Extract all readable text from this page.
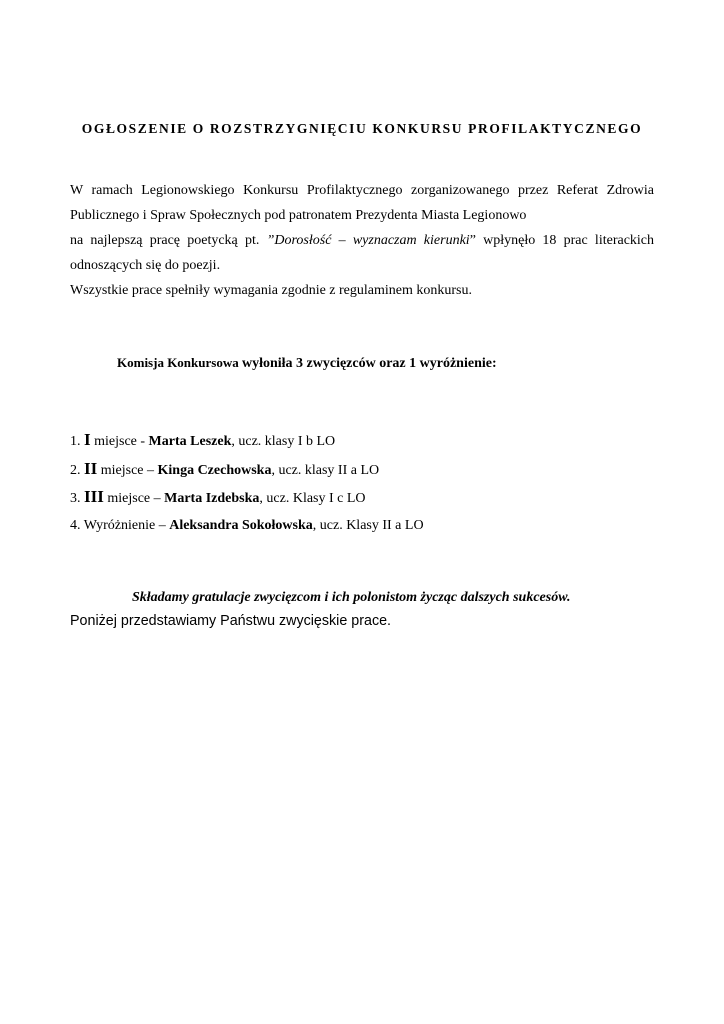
OGŁOSZENIE O ROZSTRZYGNIĘCIU KONKURSU PROFILAKTYCZNEGO
W ramach Legionowskiego Konkursu Profilaktycznego zorganizowanego przez Referat Zdrowia
Publicznego i Spraw Społecznych pod patronatem Prezydenta Miasta Legionowo
na najlepszą pracę poetycką pt. ”Dorosłość – wyznaczam kierunki” wpłynęło 18 prac literackich
odnoszących się do poezji.
Wszystkie prace spełniły wymagania zgodnie z regulaminem konkursu.
Komisja Konkursowa wyłoniła 3 zwycięzców oraz 1 wyróżnienie:
1. I miejsce - Marta Leszek, ucz. klasy I b LO
2. II miejsce – Kinga Czechowska, ucz. klasy II a LO
3. III miejsce – Marta Izdebska, ucz. Klasy I c LO
4. Wyróżnienie – Aleksandra Sokołowska, ucz. Klasy II a LO
Składamy gratulacje zwycięzcom i ich polonistom życząc dalszych sukcesów.
Poniżej przedstawiamy Państwu zwycięskie prace.
